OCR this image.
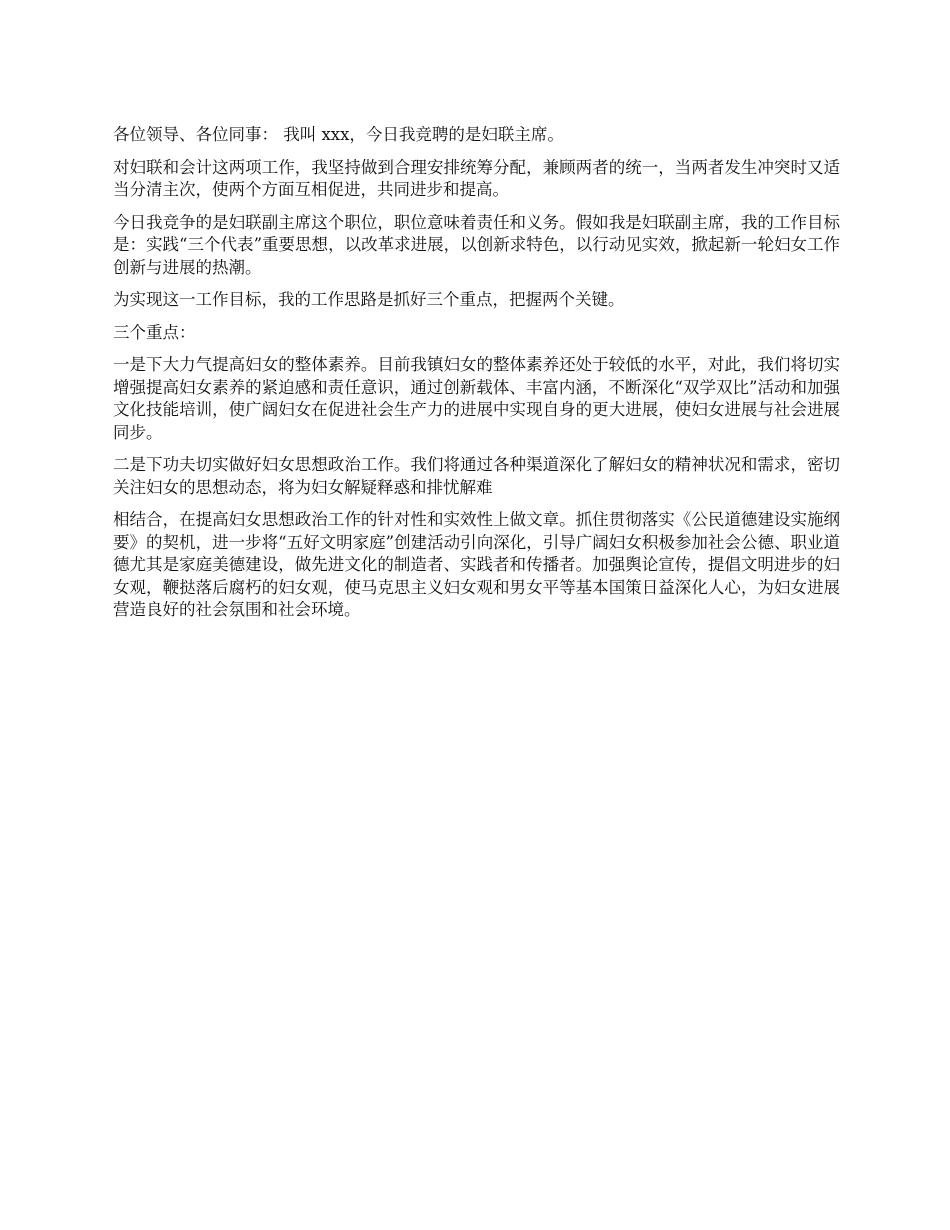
各位领导、各位同事： 我叫 xxx，今日我竞聘的是妇联主席。

对妇联和会计这两项工作，我坚持做到合理安排统筹分配，兼顾两者的统一，当两者发生冲突时又适当分清主次，使两个方面互相促进，共同进步和提高。

今日我竞争的是妇联副主席这个职位，职位意味着责任和义务。假如我是妇联副主席，我的工作目标是：实践“三个代表”重要思想，以改革求进展，以创新求特色，以行动见实效，掀起新一轮妇女工作创新与进展的热潮。

为实现这一工作目标，我的工作思路是抓好三个重点，把握两个关键。

三个重点：

一是下大力气提高妇女的整体素养。目前我镇妇女的整体素养还处于较低的水平，对此，我们将切实增强提高妇女素养的紧迫感和责任意识，通过创新载体、丰富内涵，不断深化“双学双比”活动和加强文化技能培训，使广阔妇女在促进社会生产力的进展中实现自身的更大进展，使妇女进展与社会进展同步。

二是下功夫切实做好妇女思想政治工作。我们将通过各种渠道深化了解妇女的精神状况和需求，密切关注妇女的思想动态，将为妇女解疑释惑和排忧解难

相结合，在提高妇女思想政治工作的针对性和实效性上做文章。抓住贯彻落实《公民道德建设实施纲要》的契机，进一步将“五好文明家庭”创建活动引向深化，引导广阔妇女积极参加社会公德、职业道德尤其是家庭美德建设，做先进文化的制造者、实践者和传播者。加强舆论宣传，提倡文明进步的妇女观，鞭挞落后腐朽的妇女观，使马克思主义妇女观和男女平等基本国策日益深化人心，为妇女进展营造良好的社会氛围和社会环境。
